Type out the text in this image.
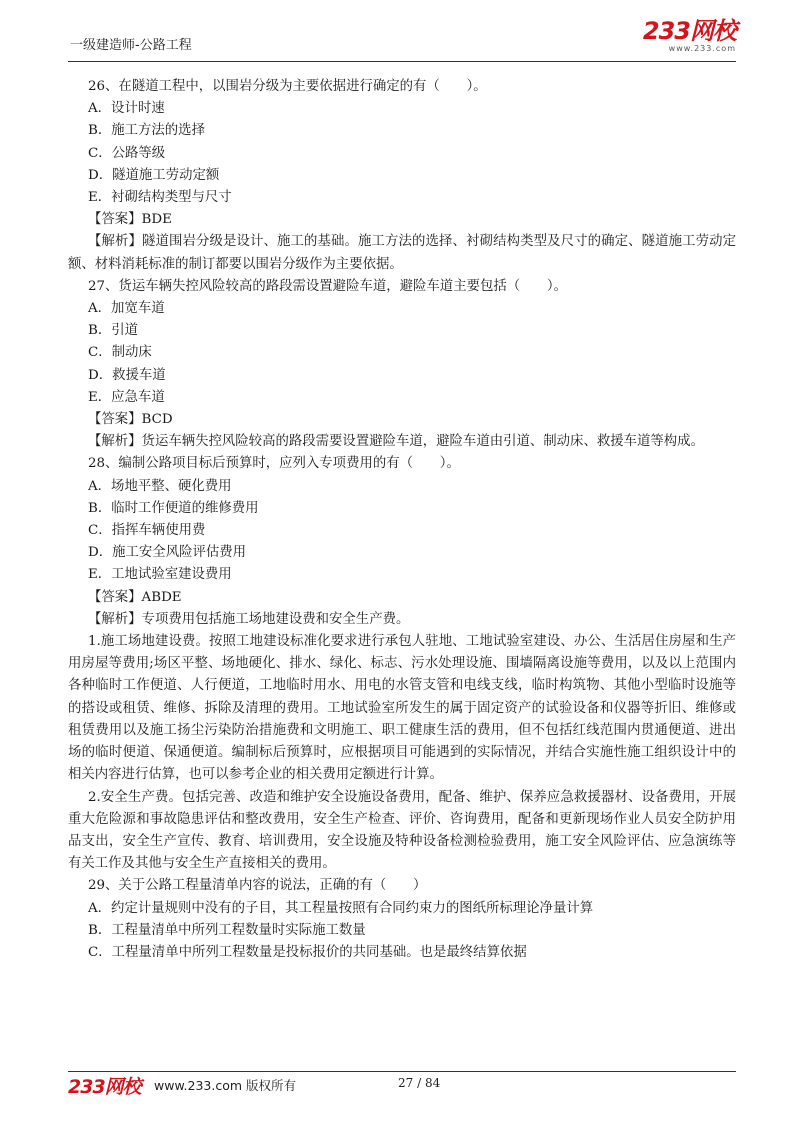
一级建造师-公路工程
233网校
www.233.com
26、在隧道工程中，以围岩分级为主要依据进行确定的有（　　）。
A．设计时速
B．施工方法的选择
C．公路等级
D．隧道施工劳动定额
E．衬砌结构类型与尺寸
【答案】BDE
【解析】隧道围岩分级是设计、施工的基础。施工方法的选择、衬砌结构类型及尺寸的确定、隧道施工劳动定额、材料消耗标准的制订都要以围岩分级作为主要依据。
27、货运车辆失控风险较高的路段需设置避险车道，避险车道主要包括（　　）。
A．加宽车道
B．引道
C．制动床
D．救援车道
E．应急车道
【答案】BCD
【解析】货运车辆失控风险较高的路段需要设置避险车道，避险车道由引道、制动床、救援车道等构成。
28、编制公路项目标后预算时，应列入专项费用的有（　　）。
A．场地平整、硬化费用
B．临时工作便道的维修费用
C．指挥车辆使用费
D．施工安全风险评估费用
E．工地试验室建设费用
【答案】ABDE
【解析】专项费用包括施工场地建设费和安全生产费。
1.施工场地建设费。按照工地建设标准化要求进行承包人驻地、工地试验室建设、办公、生活居住房屋和生产用房屋等费用;场区平整、场地硬化、排水、绿化、标志、污水处理设施、围墙隔离设施等费用，以及以上范围内各种临时工作便道、人行便道，工地临时用水、用电的水管支管和电线支线，临时构筑物、其他小型临时设施等的搭设或租赁、维修、拆除及清理的费用。工地试验室所发生的属于固定资产的试验设备和仪器等折旧、维修或租赁费用以及施工扬尘污染防治措施费和文明施工、职工健康生活的费用，但不包括红线范围内贯通便道、进出场的临时便道、保通便道。编制标后预算时，应根据项目可能遇到的实际情况，并结合实施性施工组织设计中的相关内容进行估算，也可以参考企业的相关费用定额进行计算。
2.安全生产费。包括完善、改造和维护安全设施设备费用，配备、维护、保养应急救援器材、设备费用，开展重大危险源和事故隐患评估和整改费用，安全生产检查、评价、咨询费用，配备和更新现场作业人员安全防护用品支出，安全生产宣传、教育、培训费用，安全设施及特种设备检测检验费用，施工安全风险评估、应急演练等有关工作及其他与安全生产直接相关的费用。
29、关于公路工程量清单内容的说法，正确的有（　　）
A．约定计量规则中没有的子目，其工程量按照有合同约束力的图纸所标理论净量计算
B．工程量清单中所列工程数量时实际施工数量
C．工程量清单中所列工程数量是投标报价的共同基础。也是最终结算依据
233网校 www.233.com 版权所有	27 / 84
